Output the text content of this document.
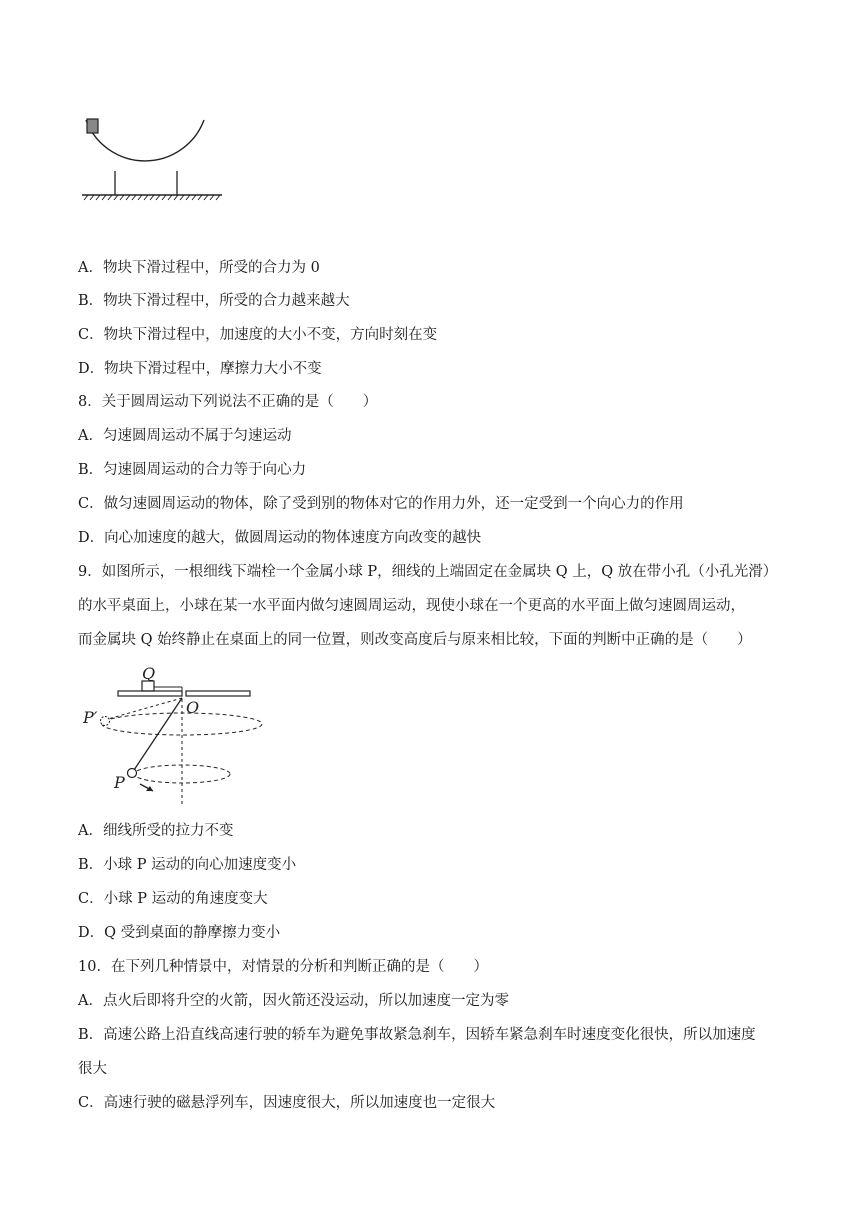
A．物块下滑过程中，所受的合力为 0
B．物块下滑过程中，所受的合力越来越大
C．物块下滑过程中，加速度的大小不变，方向时刻在变
D．物块下滑过程中，摩擦力大小不变
8．关于圆周运动下列说法不正确的是（　　）
A．匀速圆周运动不属于匀速运动
B．匀速圆周运动的合力等于向心力
C．做匀速圆周运动的物体，除了受到别的物体对它的作用力外，还一定受到一个向心力的作用
D．向心加速度的越大，做圆周运动的物体速度方向改变的越快
9．如图所示，一根细线下端栓一个金属小球 P，细线的上端固定在金属块 Q 上，Q 放在带小孔（小孔光滑）
的水平桌面上，小球在某一水平面内做匀速圆周运动，现使小球在一个更高的水平面上做匀速圆周运动，
而金属块 Q 始终静止在桌面上的同一位置，则改变高度后与原来相比较，下面的判断中正确的是（　　）
Q
O
P′
P
A．细线所受的拉力不变
B．小球 P 运动的向心加速度变小
C．小球 P 运动的角速度变大
D．Q 受到桌面的静摩擦力变小
10．在下列几种情景中，对情景的分析和判断正确的是（　　）
A．点火后即将升空的火箭，因火箭还没运动，所以加速度一定为零
B．高速公路上沿直线高速行驶的轿车为避免事故紧急刹车，因轿车紧急刹车时速度变化很快，所以加速度
很大
C．高速行驶的磁悬浮列车，因速度很大，所以加速度也一定很大
